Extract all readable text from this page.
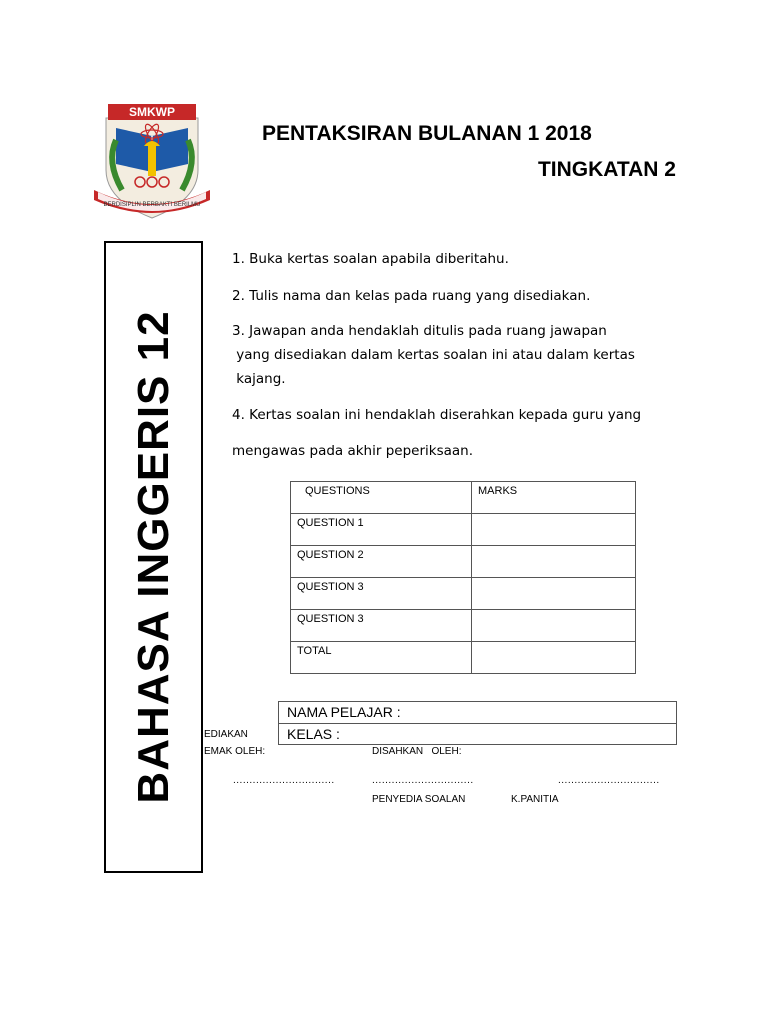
SMKWP
BERDISIPLIN BERBAKTI BERILMU
PENTAKSIRAN BULANAN 1 2018
TINGKATAN 2
BAHASA INGGERIS 12
1. Buka kertas soalan apabila diberitahu.
2. Tulis nama dan kelas pada ruang yang disediakan.
3. Jawapan anda hendaklah ditulis pada ruang jawapan
yang disediakan dalam kertas soalan ini atau dalam kertas
kajang.
4. Kertas soalan ini hendaklah diserahkan kepada guru yang
mengawas pada akhir peperiksaan.
QUESTIONS	MARKS
QUESTION 1	
QUESTION 2	
QUESTION 3	
QUESTION 3	
TOTAL	
NAMA PELAJAR :
KELAS :
EDIAKAN
EMAK OLEH:	DISAHKAN   OLEH:
...............................	...............................	...............................
PENYEDIA SOALAN	K.PANITIA
